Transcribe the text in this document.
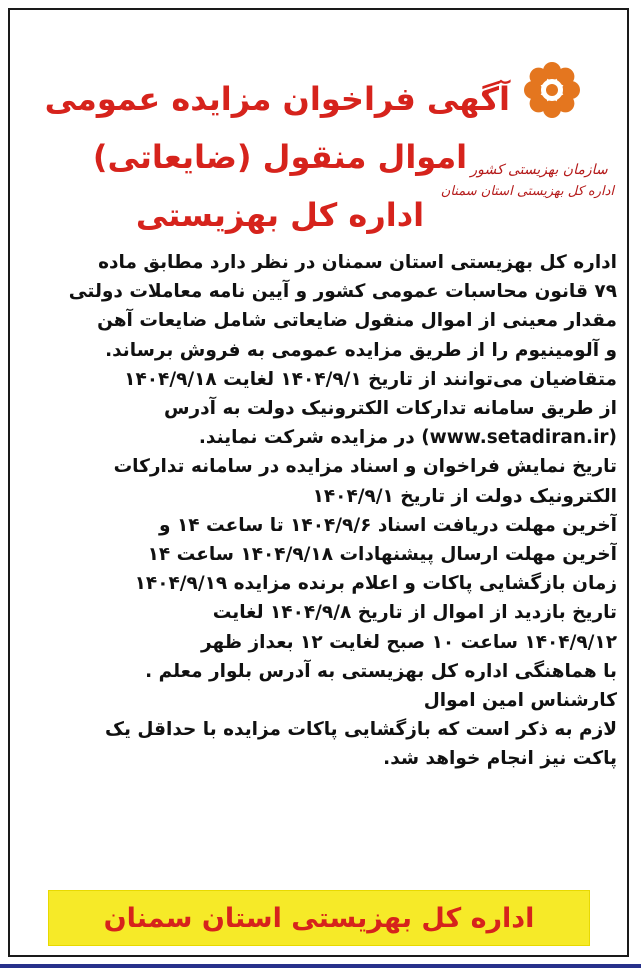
سازمان بهزیستی کشور
اداره کل بهزیستی استان سمنان
آگهی فراخوان مزایده عمومی
اموال منقول (ضایعاتی)
اداره کل بهزیستی
اداره کل بهزیستی استان سمنان در نظر دارد مطابق ماده
۷۹ قانون محاسبات عمومی کشور و آیین نامه معاملات دولتی
مقدار معینی از اموال منقول ضایعاتی شامل ضایعات آهن
و آلومینیوم را از طریق مزایده عمومی به فروش برساند.
متقاضیان می‌توانند از تاریخ ۱۴۰۴/۹/۱ لغایت ۱۴۰۴/۹/۱۸
از طریق سامانه تدارکات الکترونیک دولت به آدرس
(www.setadiran.ir) در مزایده شرکت نمایند.
تاریخ نمایش فراخوان و اسناد مزایده در سامانه تدارکات
الکترونیک دولت از تاریخ ۱۴۰۴/۹/۱
آخرین مهلت دریافت اسناد ۱۴۰۴/۹/۶ تا ساعت ۱۴ و
آخرین مهلت ارسال پیشنهادات ۱۴۰۴/۹/۱۸ ساعت ۱۴
زمان بازگشایی پاکات و اعلام برنده مزایده ۱۴۰۴/۹/۱۹
تاریخ بازدید از اموال از تاریخ ۱۴۰۴/۹/۸ لغایت
۱۴۰۴/۹/۱۲ ساعت ۱۰ صبح لغایت ۱۲ بعداز ظهر
با هماهنگی اداره کل بهزیستی به آدرس بلوار معلم .
کارشناس امین اموال
لازم به ذکر است که بازگشایی پاکات مزایده با حداقل یک
پاکت نیز انجام خواهد شد.
اداره کل بهزیستی استان سمنان
